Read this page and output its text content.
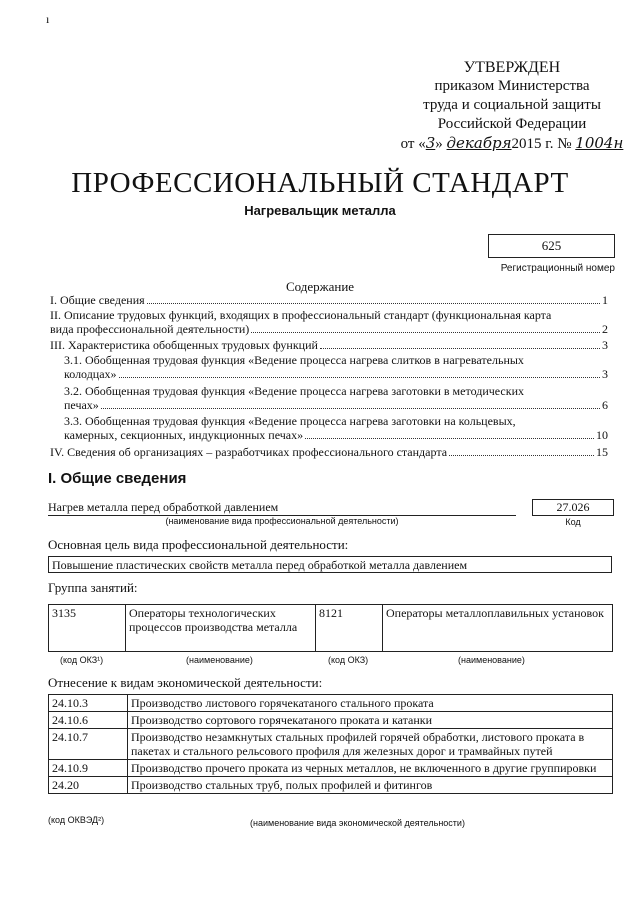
ı
УТВЕРЖДЕН
приказом Министерства
труда и социальной защиты
Российской Федерации
от «3» декабря2015 г. № 1004н
ПРОФЕССИОНАЛЬНЫЙ СТАНДАРТ
Нагревальщик металла
625
Регистрационный номер
Содержание
I. Общие сведения	1
II. Описание трудовых функций, входящих в профессиональный стандарт (функциональная карта
вида профессиональной деятельности)	2
III. Характеристика обобщенных трудовых функций	3
3.1. Обобщенная трудовая функция «Ведение процесса нагрева слитков в нагревательных
колодцах»	3
3.2. Обобщенная трудовая функция «Ведение процесса нагрева заготовки в методических
печах»	6
3.3. Обобщенная трудовая функция «Ведение процесса нагрева заготовки на кольцевых,
камерных, секционных, индукционных печах»	10
IV. Сведения об организациях – разработчиках профессионального стандарта	15
I. Общие сведения
Нагрев металла перед обработкой давлением
(наименование вида профессиональной деятельности)
27.026
Код
Основная цель вида профессиональной деятельности:
Повышение пластических свойств металла перед обработкой металла давлением
Группа занятий:
3135	Операторы технологических процессов производства металла	8121	Операторы металлоплавильных установок
(код ОКЗ¹)	(наименование)	(код ОКЗ)	(наименование)
Отнесение к видам экономической деятельности:
24.10.3	Производство листового горячекатаного стального проката
24.10.6	Производство сортового горячекатаного проката и катанки
24.10.7	Производство незамкнутых стальных профилей горячей обработки, листового проката в пакетах и стального рельсового профиля для железных дорог и трамвайных путей
24.10.9	Производство прочего проката из черных металлов, не включенного в другие группировки
24.20	Производство стальных труб, полых профилей и фитингов
(код ОКВЭД²)	(наименование вида экономической деятельности)
